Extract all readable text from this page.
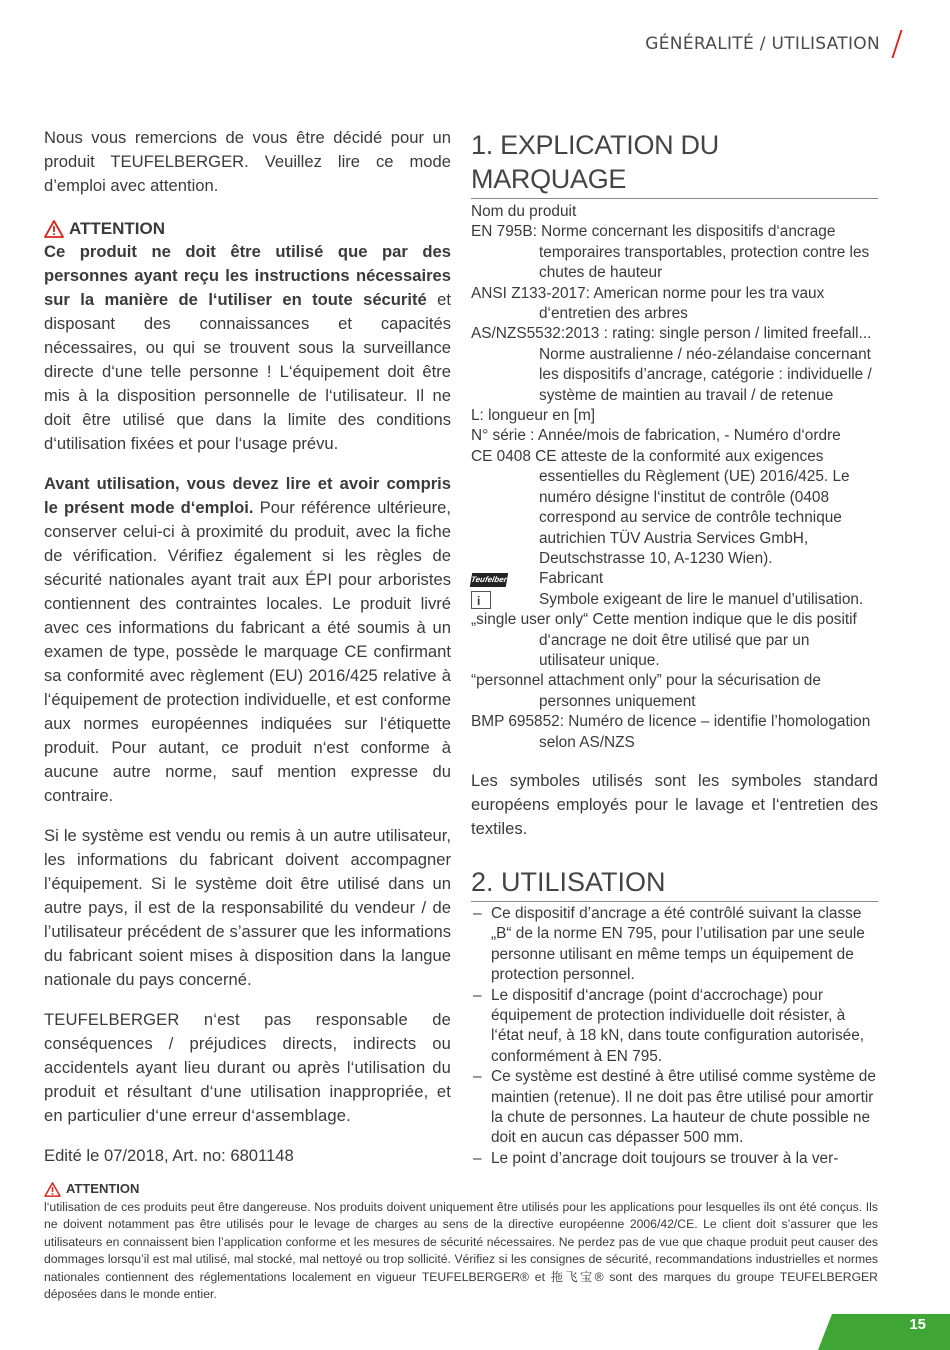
GÉNÉRALITÉ / UTILISATION

Nous vous remercions de vous être décidé pour un produit TEUFELBERGER. Veuillez lire ce mode d’emploi avec attention.

ATTENTION

Ce produit ne doit être utilisé que par des personnes ayant reçu les instructions nécessaires sur la manière de l‘utiliser en toute sécurité et disposant des connaissances et capacités nécessaires, ou qui se trouvent sous la surveillance directe d‘une telle personne ! L‘équipement doit être mis à la disposition personnelle de l‘utilisateur. Il ne doit être utilisé que dans la limite des conditions d‘utilisation fixées et pour l‘usage prévu.

Avant utilisation, vous devez lire et avoir compris le présent mode d‘emploi. Pour référence ultérieure, conserver celui-ci à proximité du produit, avec la fiche de vérification. Vérifiez également si les règles de sécurité nationales ayant trait aux ÉPI pour arboristes contiennent des contraintes locales. Le produit livré avec ces informations du fabricant a été soumis à un examen de type, possède le marquage CE confirmant sa conformité avec règlement (EU) 2016/425 relative à l‘équipement de protection individuelle, et est conforme aux normes européennes indiquées sur l‘étiquette produit. Pour autant, ce produit n‘est conforme à aucune autre norme, sauf mention expresse du contraire.

Si le système est vendu ou remis à un autre utilisateur, les informations du fabricant doivent accompagner l’équipement. Si le système doit être utilisé dans un autre pays, il est de la responsabilité du vendeur / de l’utilisateur précédent de s’assurer que les informations du fabricant soient mises à disposition dans la langue nationale du pays concerné.

TEUFELBERGER n‘est pas responsable de conséquences / préjudices directs, indirects ou accidentels ayant lieu durant ou après l‘utilisation du produit et résultant d‘une utilisation inappropriée, et en particulier d‘une erreur d‘assemblage.

Edité le 07/2018, Art. no: 6801148

1. EXPLICATION DU MARQUAGE
Nom du produit
EN 795B: Norme concernant les dispositifs d‘ancrage temporaires transportables, protection contre les chutes de hauteur
ANSI Z133-2017: American norme pour les tra vaux d‘entretien des arbres
AS/NZS5532:2013 : rating: single person / limited freefall... Norme australienne / néo-zélandaise concernant les dispositifs d’ancrage, catégorie : individuelle / système de maintien au travail / de retenue
L: longueur en [m]
N° série : Année/mois de fabrication, - Numéro d‘ordre
CE 0408 CE atteste de la conformité aux exigences essentielles du Règlement (UE) 2016/425. Le numéro désigne l‘institut de contrôle (0408 correspond au service de contrôle technique autrichien TÜV Austria Services GmbH, Deutschstrasse 10, A-1230 Wien).
Teufelberger
i	Fabricant
Symbole exigeant de lire le manuel d’utilisation.
„single user only“ Cette mention indique que le dis positif d‘ancrage ne doit être utilisé que par un utilisateur unique.
“personnel attachment only” pour la sécurisation de personnes uniquement
BMP 695852: Numéro de licence – identifie l’homologation selon AS/NZS

Les symboles utilisés sont les symboles standard européens employés pour le lavage et l‘entretien des textiles.

2. UTILISATION
– Ce dispositif d’ancrage a été contrôlé suivant la classe „B“ de la norme EN 795, pour l’utilisation par une seule personne utilisant en même temps un équipement de protection personnel.
– Le dispositif d‘ancrage (point d‘accrochage) pour équipement de protection individuelle doit résister, à l‘état neuf, à 18 kN, dans toute configuration autorisée, conformément à EN 795.
– Ce système est destiné à être utilisé comme système de maintien (retenue). Il ne doit pas être utilisé pour amortir la chute de personnes. La hauteur de chute possible ne doit en aucun cas dépasser 500 mm.
– Le point d’ancrage doit toujours se trouver à la ver-
ATTENTION

l‘utilisation de ces produits peut être dangereuse. Nos produits doivent uniquement être utilisés pour les applications pour lesquelles ils ont été conçus. Ils ne doivent notamment pas être utilisés pour le levage de charges au sens de la directive européenne 2006/42/CE. Le client doit s’assurer que les utilisateurs en connaissent bien l’application conforme et les mesures de sécurité nécessaires. Ne perdez pas de vue que chaque produit peut causer des dommages lorsqu’il est mal utilisé, mal stocké, mal nettoyé ou trop sollicité. Vérifiez si les consignes de sécurité, recommandations industrielles et normes nationales contiennent des réglementations localement en vigueur TEUFELBERGER® et 拖飞宝® sont des marques du groupe TEUFELBERGER déposées dans le monde entier.

15
